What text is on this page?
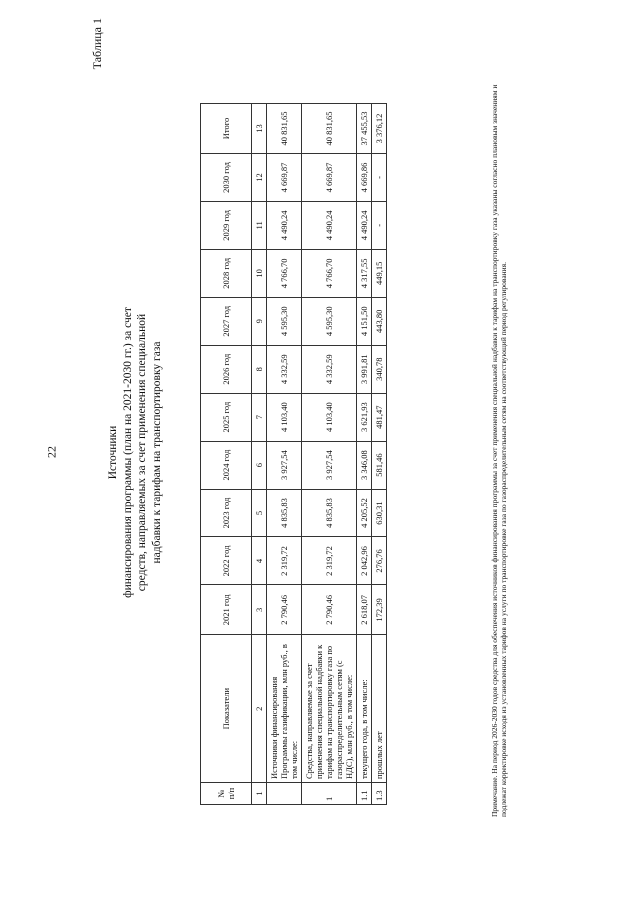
22
Таблица 1
Источники финансирования программы (план на 2021-2030 гг.) за счет средств, направляемых за счет применения специальной надбавки к тарифам на транспортировку газа
№ п/п	Показатели	2021 год	2022 год	2023 год	2024 год	2025 год	2026 год	2027 год	2028 год	2029 год	2030 год	Итого
1	2	3	4	5	6	7	8	9	10	11	12	13
	Источники финансирования Программы газификации, млн руб., в том числе:	2 790,46	2 319,72	4 835,83	3 927,54	4 103,40	4 332,59	4 595,30	4 766,70	4 490,24	4 669,87	40 831,65
1	Средства, направляемые за счет применения специальной надбавки к тарифам на транспортировку газа по газораспределительным сетям (с НДС), млн руб., в том числе:	2 790,46	2 319,72	4 835,83	3 927,54	4 103,40	4 332,59	4 595,30	4 766,70	4 490,24	4 669,87	40 831,65
1.1	текущего года, в том числе:	2 618,07	2 042,96	4 205,52	3 346,08	3 621,93	3 991,81	4 151,50	4 317,55	4 490,24	4 669,86	37 455,53
1.3	прошлых лет	172,39	276,76	630,31	581,46	481,47	340,78	443,80	449,15	-	-	3 376,12	Примечание. На период 2026-2030 годов средства для обеспечения источников финансирования программы за счет применения специальной надбавки к тарифам на транспортировку газа указаны согласно плановым значениям и подлежат корректировке исходя из установленных тарифов на услуги по транспортировке газа по газораспределительным сетям на соответствующий период регулирования.
